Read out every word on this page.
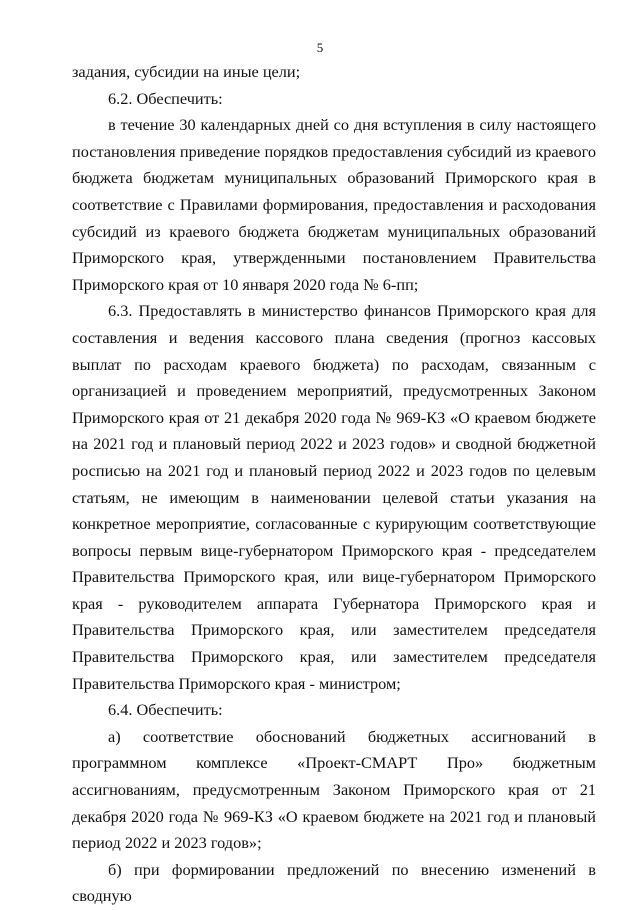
5

задания, субсидии на иные цели;

6.2. Обеспечить:

в течение 30 календарных дней со дня вступления в силу настоящего постановления приведение порядков предоставления субсидий из краевого бюджета бюджетам муниципальных образований Приморского края в соответствие с Правилами формирования, предоставления и расходования субсидий из краевого бюджета бюджетам муниципальных образований Приморского края, утвержденными постановлением Правительства Приморского края от 10 января 2020 года № 6-пп;

6.3. Предоставлять в министерство финансов Приморского края для составления и ведения кассового плана сведения (прогноз кассовых выплат по расходам краевого бюджета) по расходам, связанным с организацией и проведением мероприятий, предусмотренных Законом Приморского края от 21 декабря 2020 года № 969-КЗ «О краевом бюджете на 2021 год и плановый период 2022 и 2023 годов» и сводной бюджетной росписью на 2021 год и плановый период 2022 и 2023 годов по целевым статьям, не имеющим в наименовании целевой статьи указания на конкретное мероприятие, согласованные с курирующим соответствующие вопросы первым вице-губернатором Приморского края - председателем Правительства Приморского края, или вице-губернатором Приморского края - руководителем аппарата Губернатора Приморского края и Правительства Приморского края, или заместителем председателя Правительства Приморского края, или заместителем председателя Правительства Приморского края - министром;

6.4. Обеспечить:

а) соответствие обоснований бюджетных ассигнований в программном комплексе «Проект-СМАРТ Про» бюджетным ассигнованиям, предусмотренным Законом Приморского края от 21 декабря 2020 года № 969-КЗ «О краевом бюджете на 2021 год и плановый период 2022 и 2023 годов»;

б) при формировании предложений по внесению изменений в сводную
